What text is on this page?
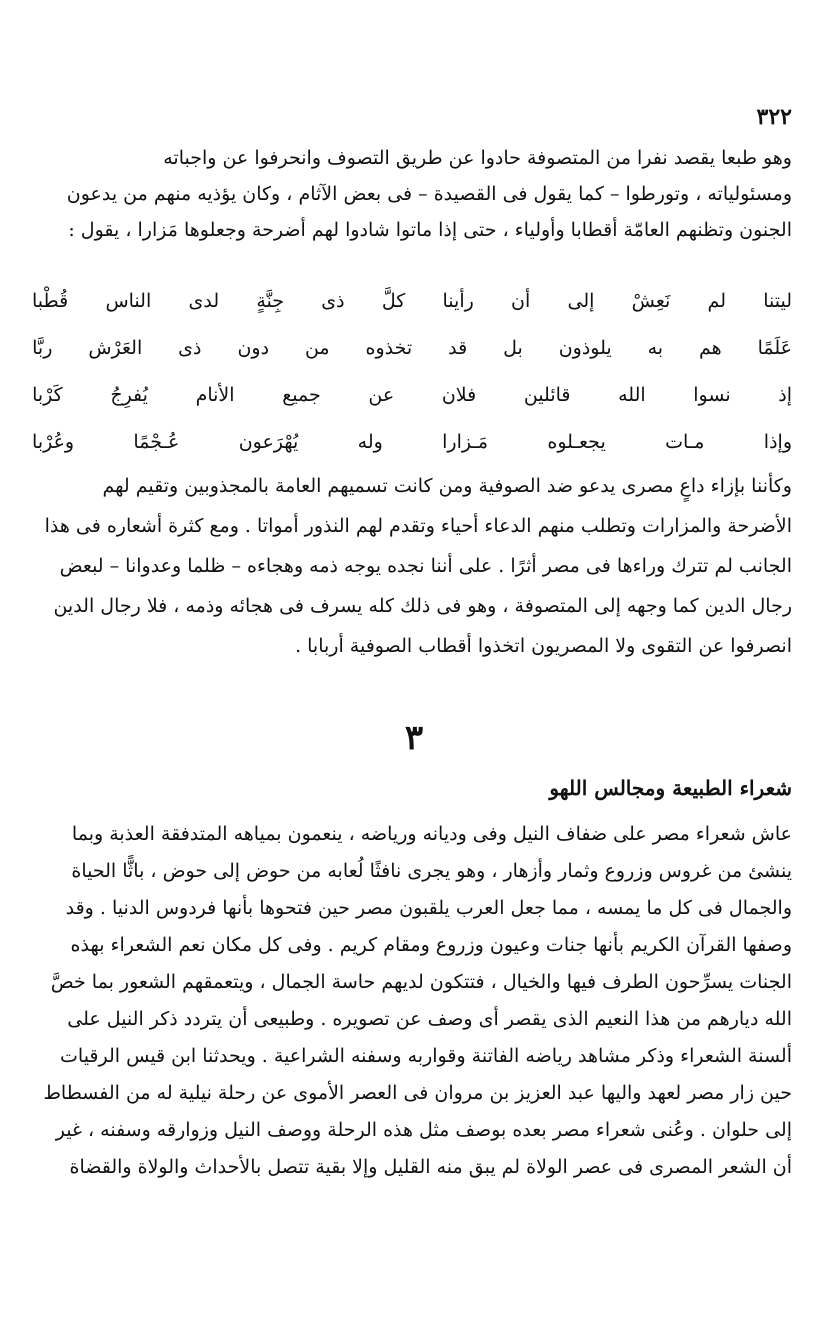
٣٢٢

وهو طبعا يقصد نفرا من المتصوفة حادوا عن طريق التصوف وانحرفوا عن واجباته
ومسئولياته ، وتورطوا – كما يقول فى القصيدة – فى بعض الآثام ، وكان يؤذيه منهم من يدعون
الجنون وتظنهم العامّة أقطابا وأولياء ، حتى إذا ماتوا شادوا لهم أضرحة وجعلوها مَزارا ، يقول :

ليتنا
لم
نَعِشْ
إلى
أن
رأينا
كلَّ
ذى
جِنَّةٍ
لدى
الناس
قُطْبا
عَلَمًا
هم
به
يلوذون
بل
قد
تخذوه
من
دون
ذى
العَرْش
ربَّا
إذ
نسوا
الله
قائلين
فلان
عن
جميع
الأنام
يُفرِجُ
كَرْبا
وإذا
مـات
يجعـلوه
مَـزارا
وله
يُهْرَعون
عُـجْمًا
وعُرْبا

وكأننا بإزاء داعٍ مصرى يدعو ضد الصوفية ومن كانت تسميهم العامة بالمجذوبين وتقيم لهم
الأضرحة والمزارات وتطلب منهم الدعاء أحياء وتقدم لهم النذور أمواتا . ومع كثرة أشعاره فى هذا
الجانب لم تترك وراءها فى مصر أثرًا . على أننا نجده يوجه ذمه وهجاءه – ظلما وعدوانا – لبعض
رجال الدين كما وجهه إلى المتصوفة ، وهو فى ذلك كله يسرف فى هجائه وذمه ، فلا رجال الدين
انصرفوا عن التقوى ولا المصريون اتخذوا أقطاب الصوفية أربابا .

٣
شعراء الطبيعة ومجالس اللهو

عاش شعراء مصر على ضفاف النيل وفى وديانه ورياضه ، ينعمون بمياهه المتدفقة العذبة وبما
ينشئ من غروس وزروع وثمار وأزهار ، وهو يجرى نافثًا لُعابه من حوض إلى حوض ، باثًّا الحياة
والجمال فى كل ما يمسه ، مما جعل العرب يلقبون مصر حين فتحوها بأنها فردوس الدنيا . وقد
وصفها القرآن الكريم بأنها جنات وعيون وزروع ومقام كريم . وفى كل مكان نعم الشعراء بهذه
الجنات يسرِّحون الطرف فيها والخيال ، فتتكون لديهم حاسة الجمال ، ويتعمقهم الشعور بما خصَّ
الله ديارهم من هذا النعيم الذى يقصر أى وصف عن تصويره . وطبيعى أن يتردد ذكر النيل على
ألسنة الشعراء وذكر مشاهد رياضه الفاتنة وقواربه وسفنه الشراعية . ويحدثنا ابن قيس الرقيات
حين زار مصر لعهد واليها عبد العزيز بن مروان فى العصر الأموى عن رحلة نيلية له من الفسطاط
إلى حلوان . وعُنى شعراء مصر بعده بوصف مثل هذه الرحلة ووصف النيل وزوارقه وسفنه ، غير
أن الشعر المصرى فى عصر الولاة لم يبق منه القليل وإلا بقية تتصل بالأحداث والولاة والقضاة
